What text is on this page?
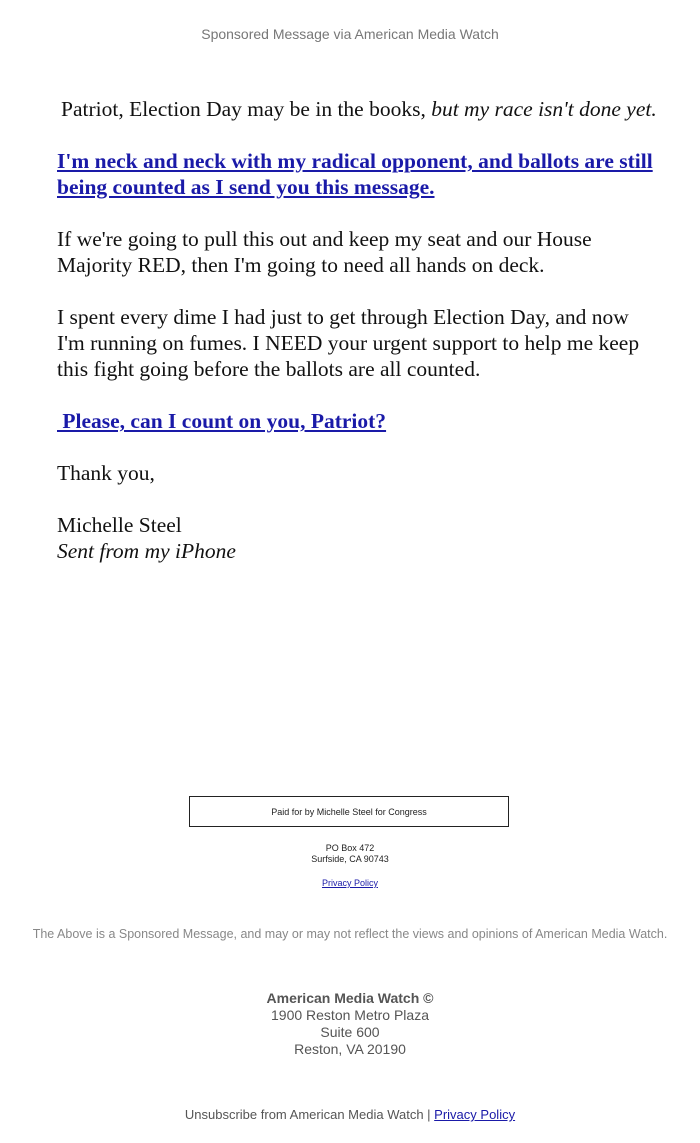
Sponsored Message via American Media Watch

Patriot, Election Day may be in the books, but my race isn't done yet.

I'm neck and neck with my radical opponent, and ballots are still being counted as I send you this message.

If we're going to pull this out and keep my seat and our House Majority RED, then I'm going to need all hands on deck.

I spent every dime I had just to get through Election Day, and now I'm running on fumes. I NEED your urgent support to help me keep this fight going before the ballots are all counted.

Please, can I count on you, Patriot?

Thank you,

Michelle Steel
Sent from my iPhone

Paid for by Michelle Steel for Congress
PO Box 472
Surfside, CA 90743
Privacy Policy
The Above is a Sponsored Message, and may or may not reflect the views and opinions of American Media Watch.
American Media Watch ©
1900 Reston Metro Plaza
Suite 600
Reston, VA 20190
Unsubscribe from American Media Watch | Privacy Policy
